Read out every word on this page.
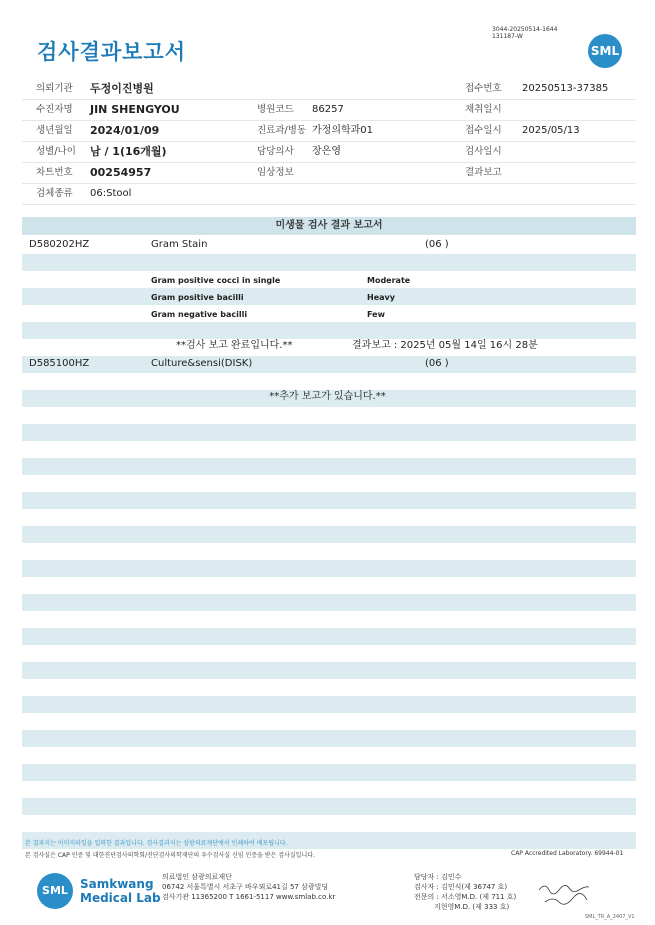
검사결과보고서
3044-20250514-1644
131187-W
SML
의뢰기관 두정이진병원	접수번호 20250513-37385
수진자명 JIN SHENGYOU	병원코드 86257	채취일시
생년월일 2024/01/09	진료과/병동 가정의학과01	접수일시 2025/05/13
성별/나이 남 / 1(16개월)	담당의사 장은영	검사일시
차트번호 00254957	임상정보	결과보고
검체종류 06:Stool
미생물 검사 결과 보고서
D580202HZ	Gram Stain	(06 )
Gram positive cocci in single	Moderate
Gram positive bacilli	Heavy
Gram negative bacilli	Few
**검사 보고 완료입니다.**	결과보고 : 2025년 05월 14일 16시 28분
D585100HZ	Culture&sensi(DISK)	(06 )
**추가 보고가 있습니다.**
본 결과지는 이미지파일을 입력한 결과입니다. 검사결과지는 삼광의료재단에서 인쇄하여 배포됩니다.
본 검사실은 CAP 인증 및 대한진단검사의학회/진단검사의학재단의 우수검사실 신임 인증을 받은 검사실입니다.	CAP Accredited Laboratory. 69944-01
SML	Samkwang
Medical Lab
의료법인 삼광의료재단
06742 서울특별시 서초구 바우뫼로41길 57 삼광빌딩
검사기관 11365200 T 1661-5117 www.smlab.co.kr
담당자 : 김민수
검사자 : 김민식(제 36747 호)
전문의 : 서소영M.D. (제 711 호)
지현영M.D. (제 333 호)
SML_TR_A_2407_V1
